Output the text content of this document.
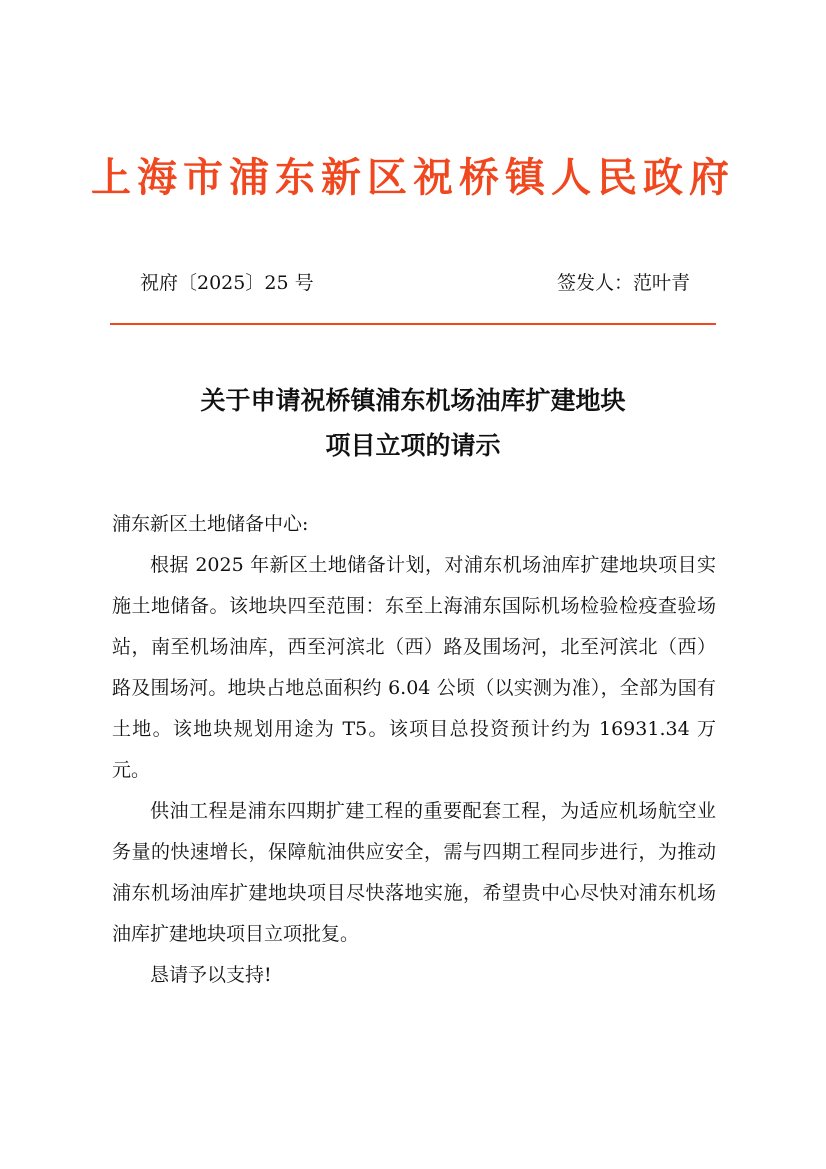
上海市浦东新区祝桥镇人民政府
祝府〔2025〕25 号	签发人：范叶青
关于申请祝桥镇浦东机场油库扩建地块
项目立项的请示

浦东新区土地储备中心:

根据 2025 年新区土地储备计划，对浦东机场油库扩建地块项目实施土地储备。该地块四至范围：东至上海浦东国际机场检验检疫查验场站，南至机场油库，西至河滨北（西）路及围场河，北至河滨北（西）路及围场河。地块占地总面积约 6.04 公顷（以实测为准），全部为国有土地。该地块规划用途为 T5。该项目总投资预计约为 16931.34 万元。

供油工程是浦东四期扩建工程的重要配套工程，为适应机场航空业务量的快速增长，保障航油供应安全，需与四期工程同步进行，为推动浦东机场油库扩建地块项目尽快落地实施，希望贵中心尽快对浦东机场油库扩建地块项目立项批复。

恳请予以支持!
